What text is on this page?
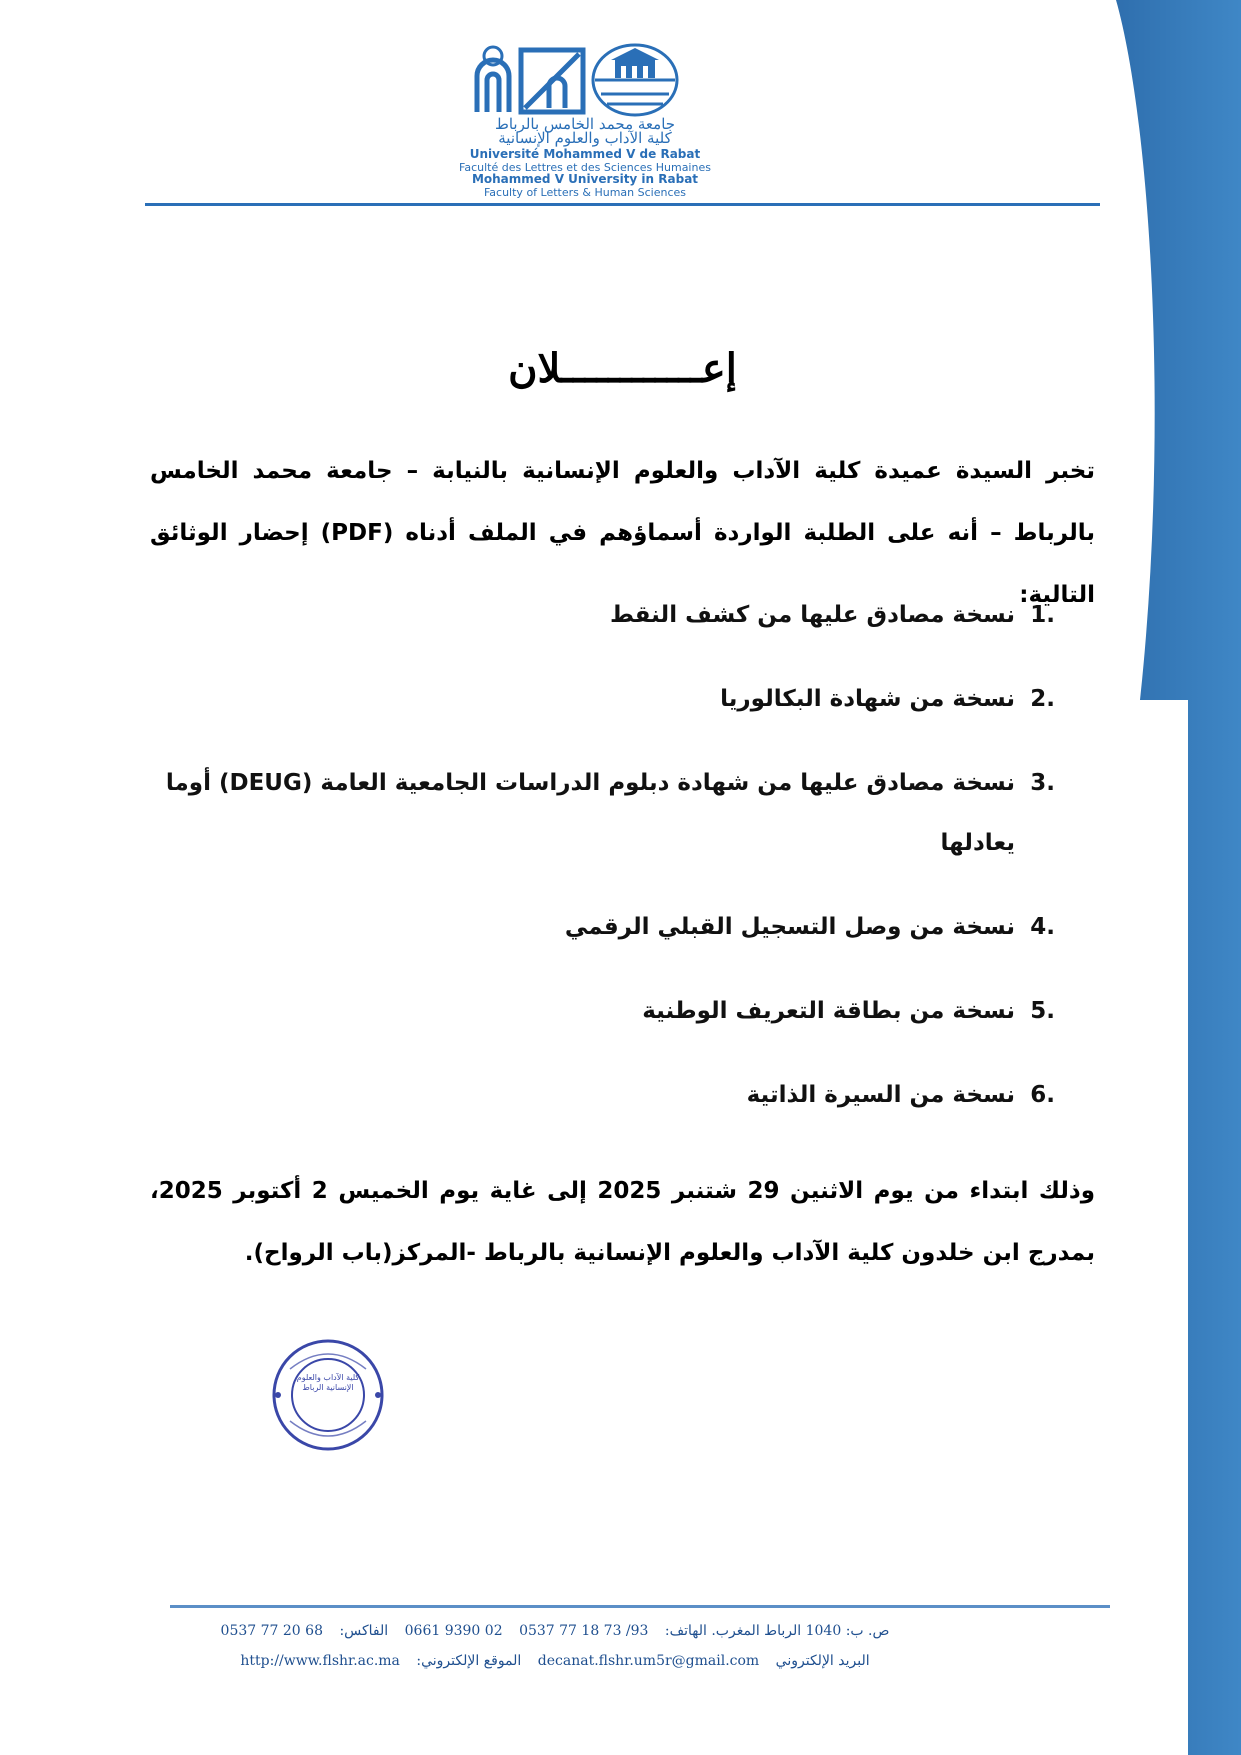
جامعة محمد الخامس بالرباط
كلية الآداب والعلوم الإنسانية
Université Mohammed V de Rabat
Faculté des Lettres et des Sciences Humaines
Mohammed V University in Rabat
Faculty of Letters & Human Sciences
إعــــــــــــلان

تخبر السيدة عميدة كلية الآداب والعلوم الإنسانية بالنيابة – جامعة محمد الخامس بالرباط – أنه على الطلبة الواردة أسماؤهم في الملف أدناه (PDF) إحضار الوثائق التالية:

1.
نسخة مصادق عليها من كشف النقط
2.
نسخة من شهادة البكالوريا
3.
نسخة مصادق عليها من شهادة دبلوم الدراسات الجامعية العامة (DEUG) أوما يعادلها
4.
نسخة من وصل التسجيل القبلي الرقمي
5.
نسخة من بطاقة التعريف الوطنية
6.
نسخة من السيرة الذاتية

وذلك ابتداء من يوم الاثنين 29 شتنبر 2025 إلى غاية يوم الخميس 2 أكتوبر 2025، بمدرج ابن خلدون كلية الآداب والعلوم الإنسانية بالرباط -المركز(باب الرواح).

كلية الآداب والعلوم الإنسانية الرباط
ص. ب: 1040 الرباط المغرب. الهاتف: 0537 77 18 73 /93 0661 9390 02 الفاكس: 0537 77 20 68
البريد الإلكتروني decanat.flshr.um5r@gmail.com الموقع الإلكتروني: http://www.flshr.ac.ma
